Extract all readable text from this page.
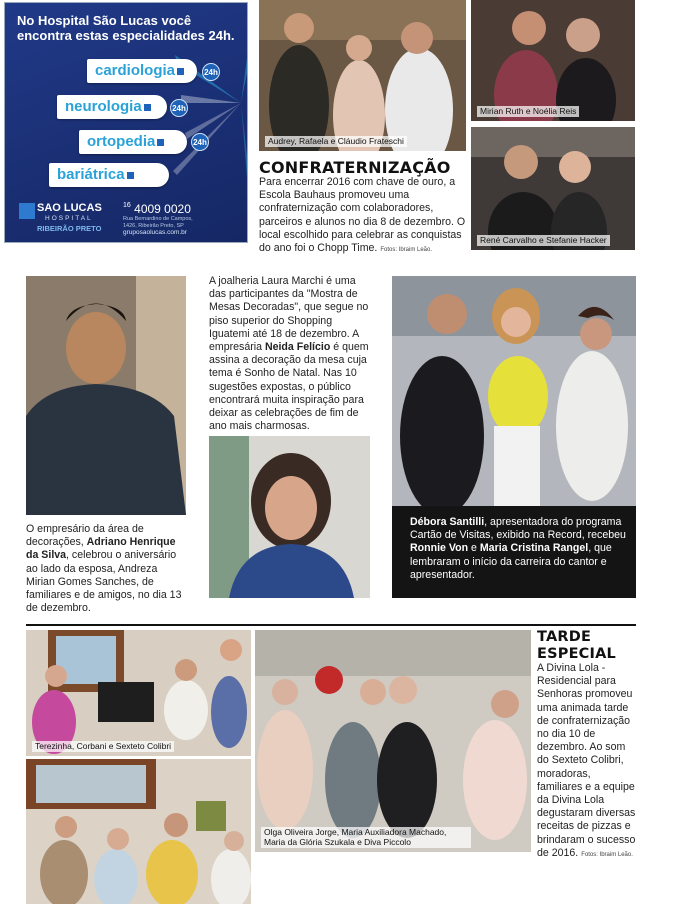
No Hospital São Lucas você encontra estas especialidades 24h.
cardiologia	24h
neurologia	24h
ortopedia	24h
bariátrica
SAO LUCAS
HOSPITAL
RIBEIRÃO PRETO
$^{16}$ 4009 0020
Rua Bernardino de Campos, 1426, Ribeirão Preto, SP
gruposaolucas.com.br
Audrey, Rafaela e Cláudio Frateschi
Mirian Ruth e Noélia Reis
René Carvalho e Stefanie Hacker
CONFRATERNIZAÇÃO
Para encerrar 2016 com chave de ouro, a Escola Bauhaus promoveu uma confraternização com colaboradores, parceiros e alunos no dia 8 de dezembro. O local escolhido para celebrar as conquistas do ano foi o Chopp Time. Fotos: Ibraim Leão.
O empresário da área de decorações, Adriano Henrique da Silva, celebrou o aniversário ao lado da esposa, Andreza Mirian Gomes Sanches, de familiares e de amigos, no dia 13 de dezembro.
A joalheria Laura Marchi é uma das participantes da "Mostra de Mesas Decoradas", que segue no piso superior do Shopping Iguatemi até 18 de dezembro. A empresária Neida Felício é quem assina a decoração da mesa cuja tema é Sonho de Natal. Nas 10 sugestões expostas, o público encontrará muita inspiração para deixar as celebrações de fim de ano mais charmosas.
Débora Santilli, apresentadora do programa Cartão de Visitas, exibido na Record, recebeu Ronnie Von e Maria Cristina Rangel, que lembraram o início da carreira do cantor e apresentador.
Terezinha, Corbani e Sexteto Colibri
Olga Oliveira Jorge, Maria Auxiliadora Machado, Maria da Glória Szukala e Diva Piccolo
TARDE
ESPECIAL
A Divina Lola - Residencial para Senhoras promoveu uma animada tarde de confraternização no dia 10 de dezembro. Ao som do Sexteto Colibri, moradoras, familiares e a equipe da Divina Lola degustaram diversas receitas de pizzas e brindaram o sucesso de 2016. Fotos: Ibraim Leão.
